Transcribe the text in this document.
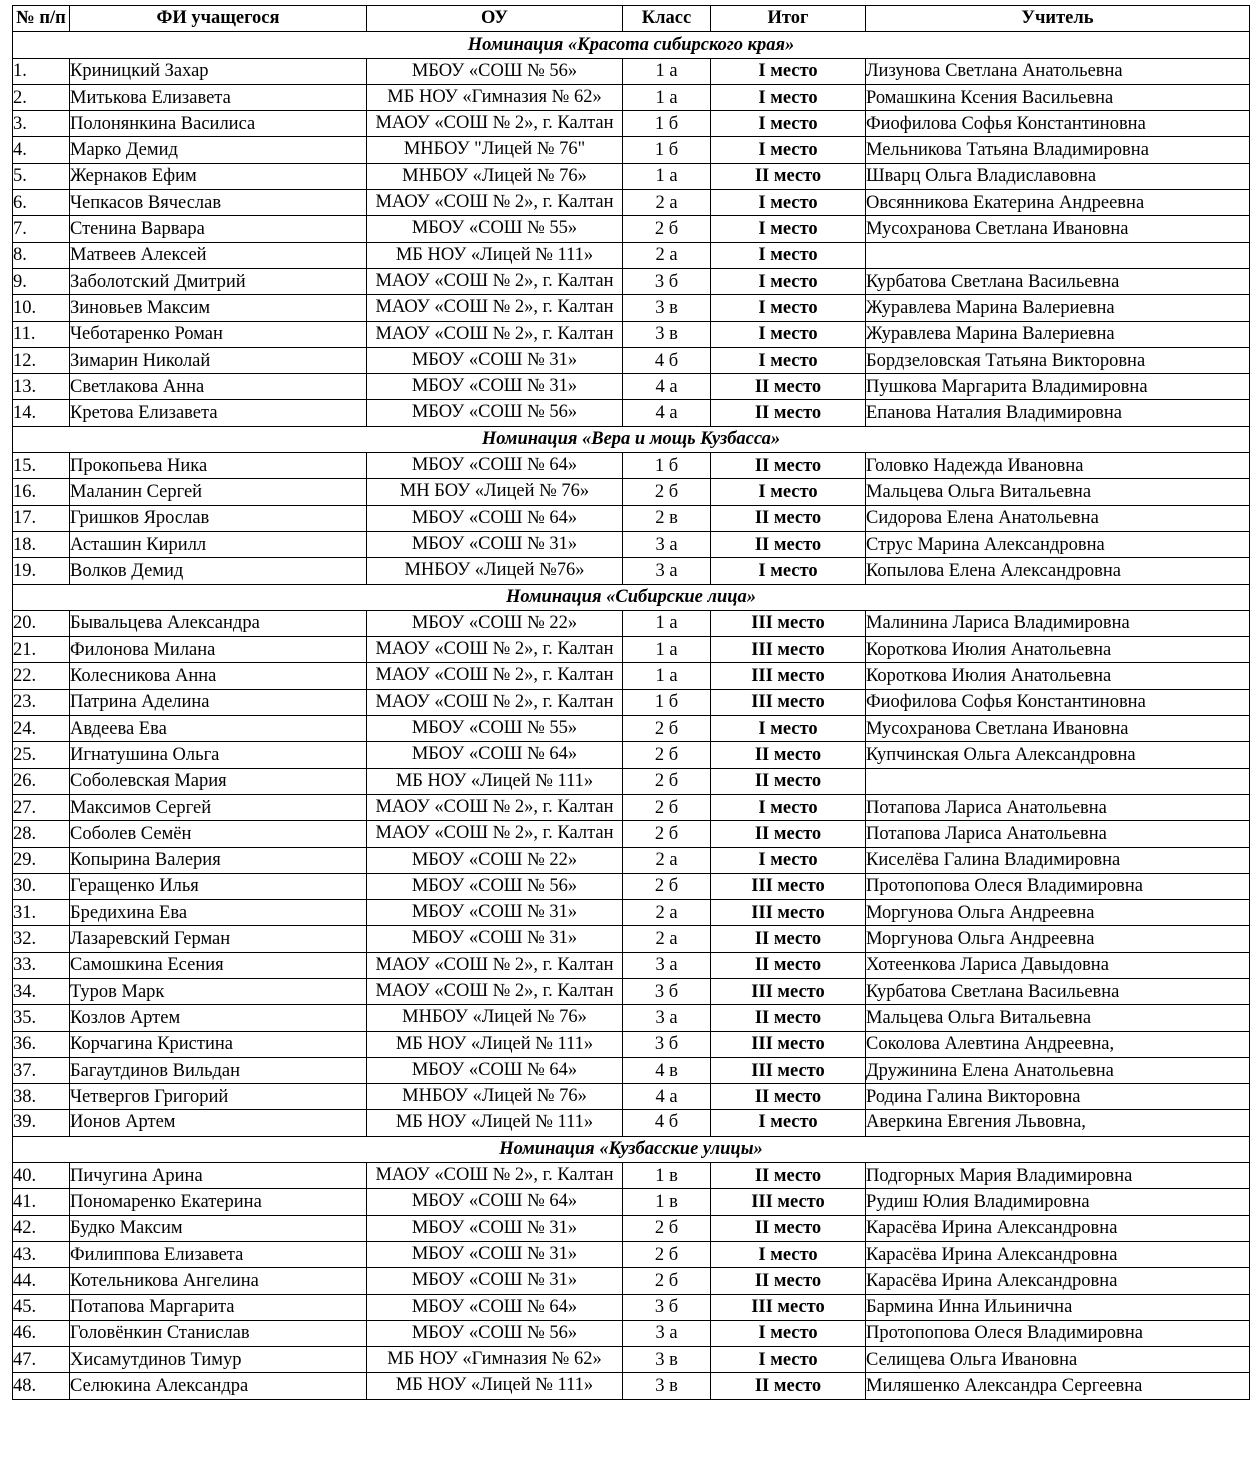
№ п/п	ФИ учащегося	ОУ	Класс	Итог	Учитель
Номинация «Красота сибирского края»					
1.	Криницкий Захар	МБОУ «СОШ № 56»	1 а	I место	Лизунова Светлана Анатольевна
2.	Митькова Елизавета	МБ НОУ «Гимназия № 62»	1 а	I место	Ромашкина Ксения Васильевна
3.	Полонянкина Василиса	МАОУ «СОШ № 2», г. Калтан	1 б	I место	Фиофилова Софья Константиновна
4.	Марко Демид	МНБОУ "Лицей № 76"	1 б	I место	Мельникова Татьяна Владимировна
5.	Жернаков Ефим	МНБОУ «Лицей № 76»	1 а	II место	Шварц Ольга Владиславовна
6.	Чепкасов Вячеслав	МАОУ «СОШ № 2», г. Калтан	2 а	I место	Овсянникова Екатерина Андреевна
7.	Стенина Варвара	МБОУ «СОШ № 55»	2 б	I место	Мусохранова Светлана Ивановна
8.	Матвеев Алексей	МБ НОУ «Лицей № 111»	2 а	I место	
9.	Заболотский Дмитрий	МАОУ «СОШ № 2», г. Калтан	3 б	I место	Курбатова Светлана Васильевна
10.	Зиновьев Максим	МАОУ «СОШ № 2», г. Калтан	3 в	I место	Журавлева Марина Валериевна
11.	Чеботаренко Роман	МАОУ «СОШ № 2», г. Калтан	3 в	I место	Журавлева Марина Валериевна
12.	Зимарин Николай	МБОУ «СОШ № 31»	4 б	I место	Бордзеловская Татьяна Викторовна
13.	Светлакова Анна	МБОУ «СОШ № 31»	4 а	II место	Пушкова Маргарита Владимировна
14.	Кретова Елизавета	МБОУ «СОШ № 56»	4 а	II место	Епанова Наталия Владимировна
Номинация «Вера и мощь Кузбасса»					
15.	Прокопьева Ника	МБОУ «СОШ № 64»	1 б	II место	Головко Надежда Ивановна
16.	Маланин Сергей	МН БОУ «Лицей № 76»	2 б	I место	Мальцева Ольга Витальевна
17.	Гришков Ярослав	МБОУ «СОШ № 64»	2 в	II место	Сидорова Елена Анатольевна
18.	Асташин Кирилл	МБОУ «СОШ № 31»	3 а	II место	Струс Марина Александровна
19.	Волков Демид	МНБОУ «Лицей №76»	3 а	I место	Копылова Елена Александровна
Номинация «Сибирские лица»					
20.	Бывальцева Александра	МБОУ «СОШ № 22»	1 а	III место	Малинина Лариса Владимировна
21.	Филонова Милана	МАОУ «СОШ № 2», г. Калтан	1 а	III место	Короткова Июлия Анатольевна
22.	Колесникова Анна	МАОУ «СОШ № 2», г. Калтан	1 а	III место	Короткова Июлия Анатольевна
23.	Патрина Аделина	МАОУ «СОШ № 2», г. Калтан	1 б	III место	Фиофилова Софья Константиновна
24.	Авдеева Ева	МБОУ «СОШ № 55»	2 б	I место	Мусохранова Светлана Ивановна
25.	Игнатушина Ольга	МБОУ «СОШ № 64»	2 б	II место	Купчинская Ольга Александровна
26.	Соболевская Мария	МБ НОУ «Лицей № 111»	2 б	II место	
27.	Максимов Сергей	МАОУ «СОШ № 2», г. Калтан	2 б	I место	Потапова Лариса Анатольевна
28.	Соболев Семён	МАОУ «СОШ № 2», г. Калтан	2 б	II место	Потапова Лариса Анатольевна
29.	Копырина Валерия	МБОУ «СОШ № 22»	2 а	I место	Киселёва Галина Владимировна
30.	Геращенко Илья	МБОУ «СОШ № 56»	2 б	III место	Протопопова Олеся Владимировна
31.	Бредихина Ева	МБОУ «СОШ № 31»	2 а	III место	Моргунова Ольга Андреевна
32.	Лазаревский Герман	МБОУ «СОШ № 31»	2 а	II место	Моргунова Ольга Андреевна
33.	Самошкина Есения	МАОУ «СОШ № 2», г. Калтан	3 а	II место	Хотеенкова Лариса Давыдовна
34.	Туров Марк	МАОУ «СОШ № 2», г. Калтан	3 б	III место	Курбатова Светлана Васильевна
35.	Козлов Артем	МНБОУ «Лицей № 76»	3 а	II место	Мальцева Ольга Витальевна
36.	Корчагина Кристина	МБ НОУ «Лицей № 111»	3 б	III место	Соколова Алевтина Андреевна,
37.	Багаутдинов Вильдан	МБОУ «СОШ № 64»	4 в	III место	Дружинина Елена Анатольевна
38.	Четвергов Григорий	МНБОУ «Лицей № 76»	4 а	II место	Родина Галина Викторовна
39.	Ионов Артем	МБ НОУ «Лицей № 111»	4 б	I место	Аверкина Евгения Львовна,
Номинация «Кузбасские улицы»					
40.	Пичугина Арина	МАОУ «СОШ № 2», г. Калтан	1 в	II место	Подгорных Мария Владимировна
41.	Пономаренко Екатерина	МБОУ «СОШ № 64»	1 в	III место	Рудиш Юлия Владимировна
42.	Будко Максим	МБОУ «СОШ № 31»	2 б	II место	Карасёва Ирина Александровна
43.	Филиппова Елизавета	МБОУ «СОШ № 31»	2 б	I место	Карасёва Ирина Александровна
44.	Котельникова Ангелина	МБОУ «СОШ № 31»	2 б	II место	Карасёва Ирина Александровна
45.	Потапова Маргарита	МБОУ «СОШ № 64»	3 б	III место	Бармина Инна Ильинична
46.	Головёнкин Станислав	МБОУ «СОШ № 56»	3 а	I место	Протопопова Олеся Владимировна
47.	Хисамутдинов Тимур	МБ НОУ «Гимназия № 62»	3 в	I место	Селищева Ольга Ивановна
48.	Селюкина Александра	МБ НОУ «Лицей № 111»	3 в	II место	Миляшенко Александра Сергеевна
